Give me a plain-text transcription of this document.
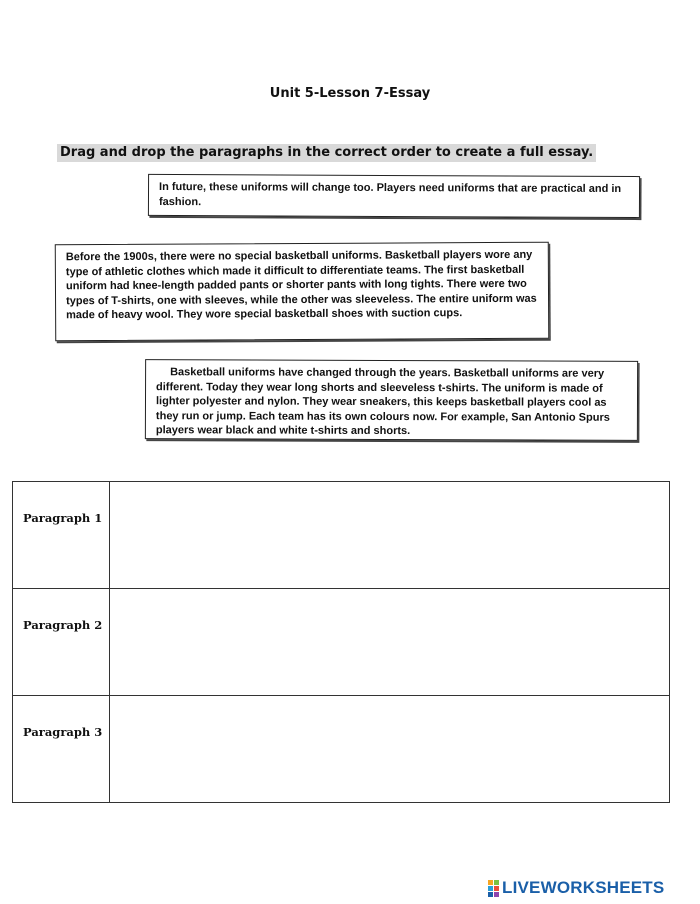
Unit 5-Lesson 7-Essay
Drag and drop the paragraphs in the correct order to create a full essay.
In future, these uniforms will change too. Players need uniforms that are practical and in fashion.
Before the 1900s, there were no special basketball uniforms. Basketball players wore any type of athletic clothes which made it difficult to differentiate teams. The first basketball uniform had knee-length padded pants or shorter pants with long tights. There were two types of T-shirts, one with sleeves, while the other was sleeveless. The entire uniform was made of heavy wool. They wore special basketball shoes with suction cups.
Basketball uniforms have changed through the years. Basketball uniforms are very different. Today they wear long shorts and sleeveless t-shirts. The uniform is made of lighter polyester and nylon. They wear sneakers, this keeps basketball players cool as they run or jump. Each team has its own colours now. For example, San Antonio Spurs players wear black and white t-shirts and shorts.
Paragraph 1	
Paragraph 2	
Paragraph 3	
LIVEWORKSHEETS
